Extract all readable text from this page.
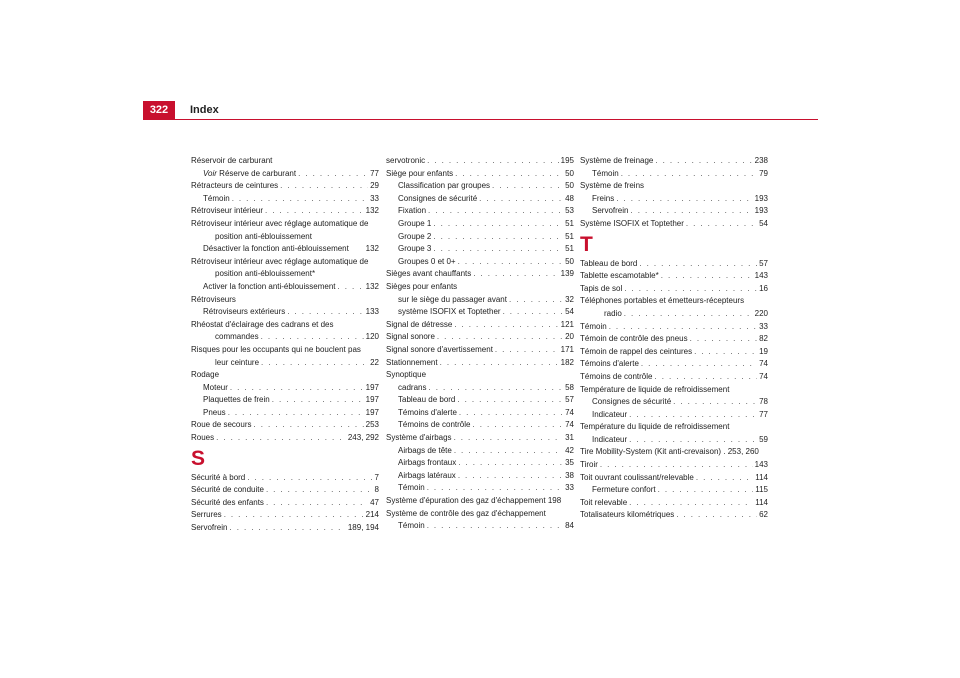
322	Index
Réservoir de carburant
Voir Réserve de carburant . . .	77
Rétracteurs de ceintures . . .	29
Témoin . . .	33
Rétroviseur intérieur . . .	132
Rétroviseur intérieur avec réglage automatique de
position anti-éblouissement
Désactiver la fonction anti-éblouissement 132
Rétroviseur intérieur avec réglage automatique de
position anti-éblouissement*
Activer la fonction anti-éblouissement . . .	132
Rétroviseurs
Rétroviseurs extérieurs . . .	133
Rhéostat d'éclairage des cadrans et des
commandes . . .	120
Risques pour les occupants qui ne bouclent pas
leur ceinture . . .	22
Rodage
Moteur . . .	197
Plaquettes de frein . . .	197
Pneus . . .	197
Roue de secours . . .	253
Roues . . .	243, 292
S
Sécurité à bord . . .	7
Sécurité de conduite . . .	8
Sécurité des enfants . . .	47
Serrures . . .	214
Servofrein . . .	189, 194
servotronic . . .	195
Siège pour enfants . . .	50
Classification par groupes . . .	50
Consignes de sécurité . . .	48
Fixation . . .	53
Groupe 1 . . .	51
Groupe 2 . . .	51
Groupe 3 . . .	51
Groupes 0 et 0+ . . .	50
Sièges avant chauffants . . .	139
Sièges pour enfants
sur le siège du passager avant . . .	32
système ISOFIX et Toptether . . .	54
Signal de détresse . . .	121
Signal sonore . . .	20
Signal sonore d'avertissement . . .	171
Stationnement . . .	182
Synoptique
cadrans . . .	58
Tableau de bord . . .	57
Témoins d'alerte . . .	74
Témoins de contrôle . . .	74
Système d'airbags . . .	31
Airbags de tête . . .	42
Airbags frontaux . . .	35
Airbags latéraux . . .	38
Témoin . . .	33
Système d'épuration des gaz d'échappement 198
Système de contrôle des gaz d'échappement
Témoin . . .	84
Système de freinage . . .	238
Témoin . . .	79
Système de freins
Freins . . .	193
Servofrein . . .	193
Système ISOFIX et Toptether . . .	54
T
Tableau de bord . . .	57
Tablette escamotable* . . .	143
Tapis de sol . . .	16
Téléphones portables et émetteurs-récepteurs
radio . . .	220
Témoin . . .	33
Témoin de contrôle des pneus . . .	82
Témoin de rappel des ceintures . . .	19
Témoins d'alerte . . .	74
Témoins de contrôle . . .	74
Température de liquide de refroidissement
Consignes de sécurité . . .	78
Indicateur . . .	77
Température du liquide de refroidissement
Indicateur . . .	59
Tire Mobility-System (Kit anti-crevaison) . 253, 260
Tiroir . . .	143
Toit ouvrant coulissant/relevable . . .	114
Fermeture confort . . .	115
Toit relevable . . .	114
Totalisateurs kilométriques . . .	62
